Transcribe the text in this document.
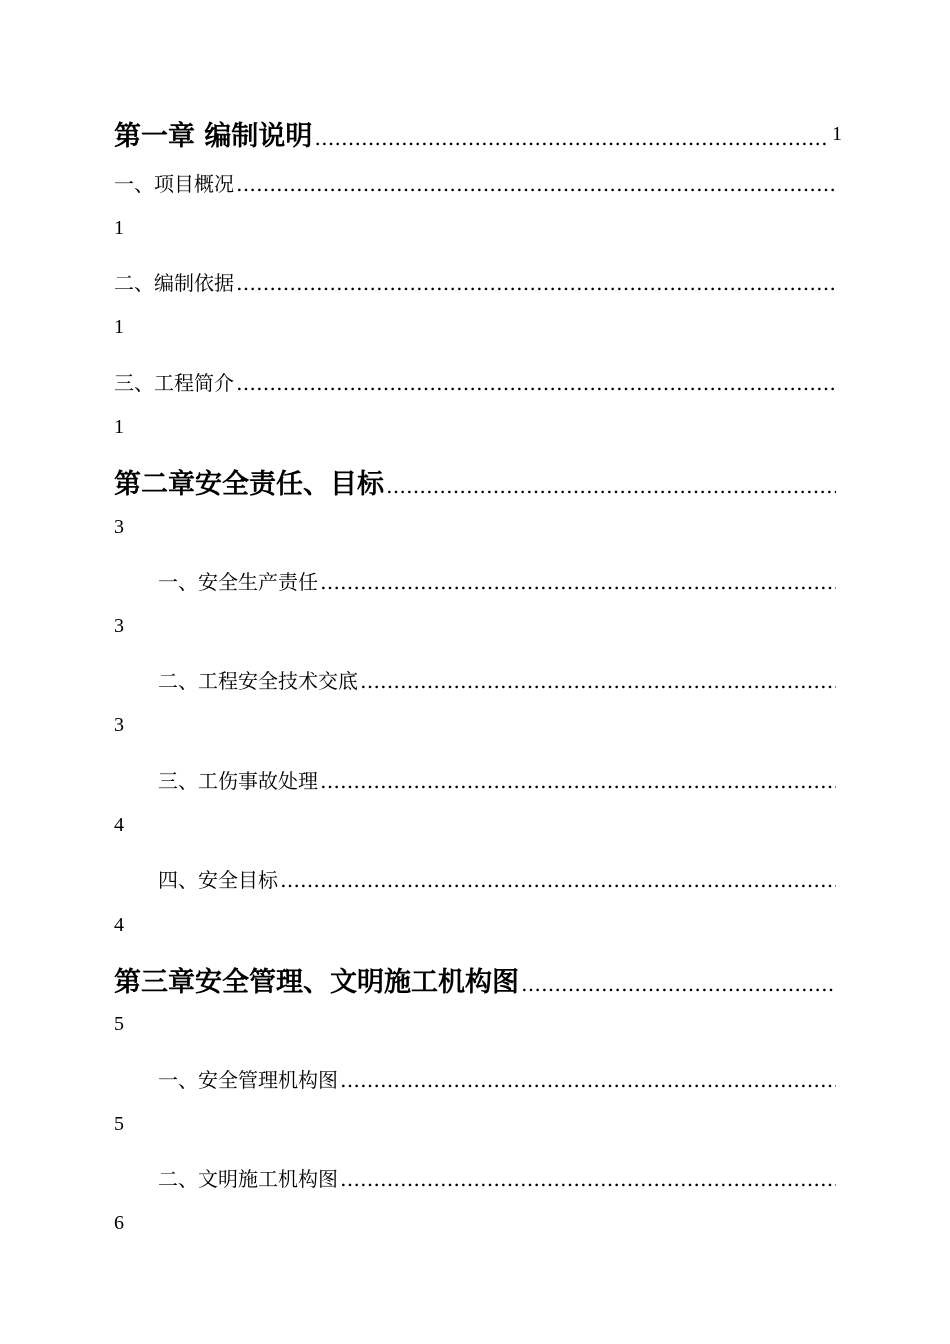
第一章 编制说明
………………………………………………………………………………………………………………………………………………………………	1
一、项目概况
………………………………………………………………………………………………………………………………………………………………
1
二、编制依据
………………………………………………………………………………………………………………………………………………………………
1
三、工程简介
………………………………………………………………………………………………………………………………………………………………
1
第二章安全责任、目标
………………………………………………………………………………………………………………………………………………………………
3
一、安全生产责任
………………………………………………………………………………………………………………………………………………………………
3
二、工程安全技术交底
………………………………………………………………………………………………………………………………………………………………
3
三、工伤事故处理
………………………………………………………………………………………………………………………………………………………………
4
四、安全目标
………………………………………………………………………………………………………………………………………………………………
4
第三章安全管理、文明施工机构图
………………………………………………………………………………………………………………………………………………………………
5
一、安全管理机构图
………………………………………………………………………………………………………………………………………………………………
5
二、文明施工机构图
………………………………………………………………………………………………………………………………………………………………
6
